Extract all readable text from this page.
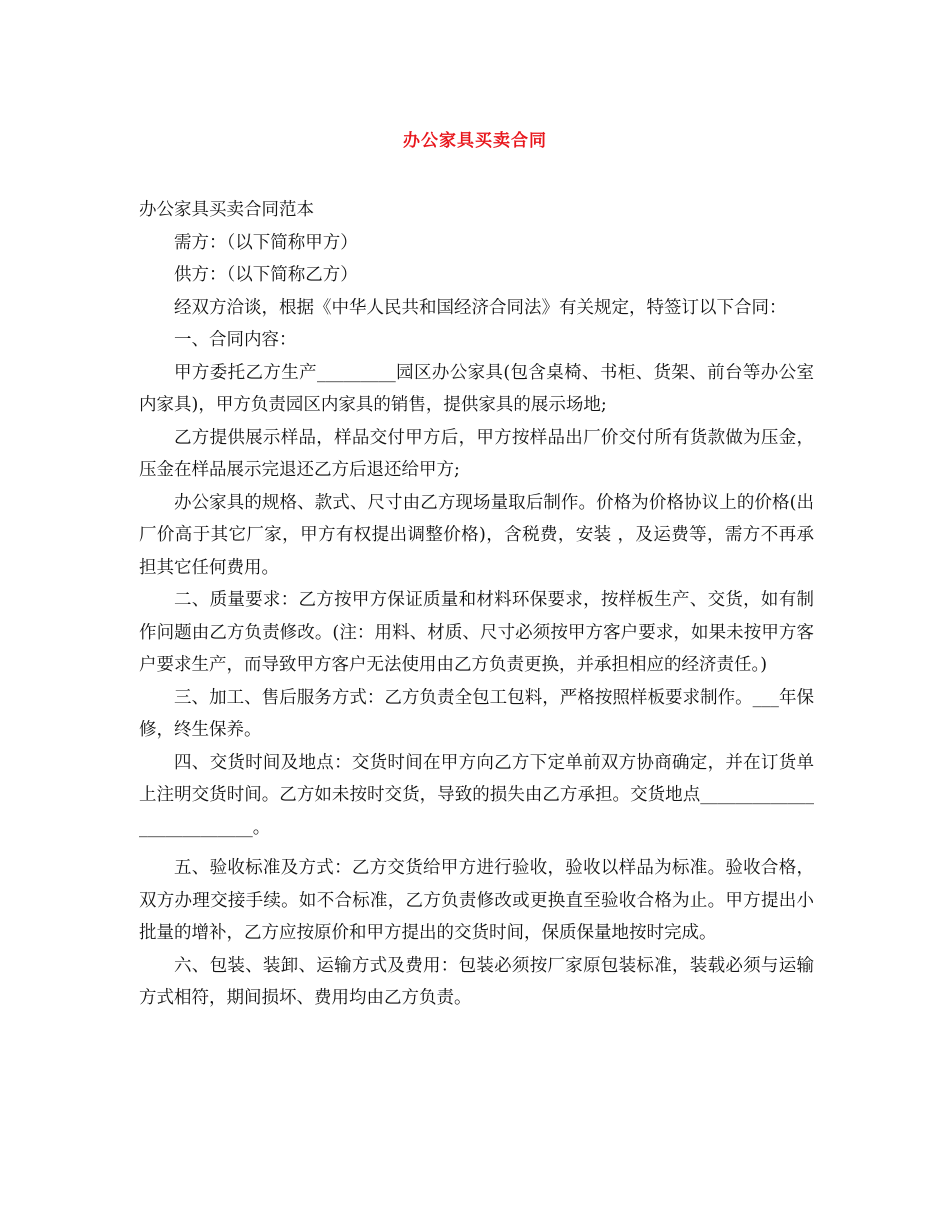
办公家具买卖合同

办公家具买卖合同范本

需方：（以下简称甲方）

供方：（以下简称乙方）

经双方洽谈，根据《中华人民共和国经济合同法》有关规定，特签订以下合同：

一、合同内容：

甲方委托乙方生产_________园区办公家具(包含桌椅、书柜、货架、前台等办公室内家具)，甲方负责园区内家具的销售，提供家具的展示场地;

乙方提供展示样品，样品交付甲方后，甲方按样品出厂价交付所有货款做为压金，压金在样品展示完退还乙方后退还给甲方;

办公家具的规格、款式、尺寸由乙方现场量取后制作。价格为价格协议上的价格(出厂价高于其它厂家，甲方有权提出调整价格)，含税费，安装 ，及运费等，需方不再承担其它任何费用。

二、质量要求：乙方按甲方保证质量和材料环保要求，按样板生产、交货，如有制作问题由乙方负责修改。(注：用料、材质、尺寸必须按甲方客户要求，如果未按甲方客户要求生产，而导致甲方客户无法使用由乙方负责更换，并承担相应的经济责任。)

三、加工、售后服务方式：乙方负责全包工包料，严格按照样板要求制作。___年保修，终生保养。

四、交货时间及地点：交货时间在甲方向乙方下定单前双方协商确定，并在订货单上注明交货时间。乙方如未按时交货，导致的损失由乙方承担。交货地点__________________________。

五、验收标准及方式：乙方交货给甲方进行验收，验收以样品为标准。验收合格，双方办理交接手续。如不合标准，乙方负责修改或更换直至验收合格为止。甲方提出小批量的增补，乙方应按原价和甲方提出的交货时间，保质保量地按时完成。

六、包装、装卸、运输方式及费用：包装必须按厂家原包装标准，装载必须与运输方式相符，期间损坏、费用均由乙方负责。
